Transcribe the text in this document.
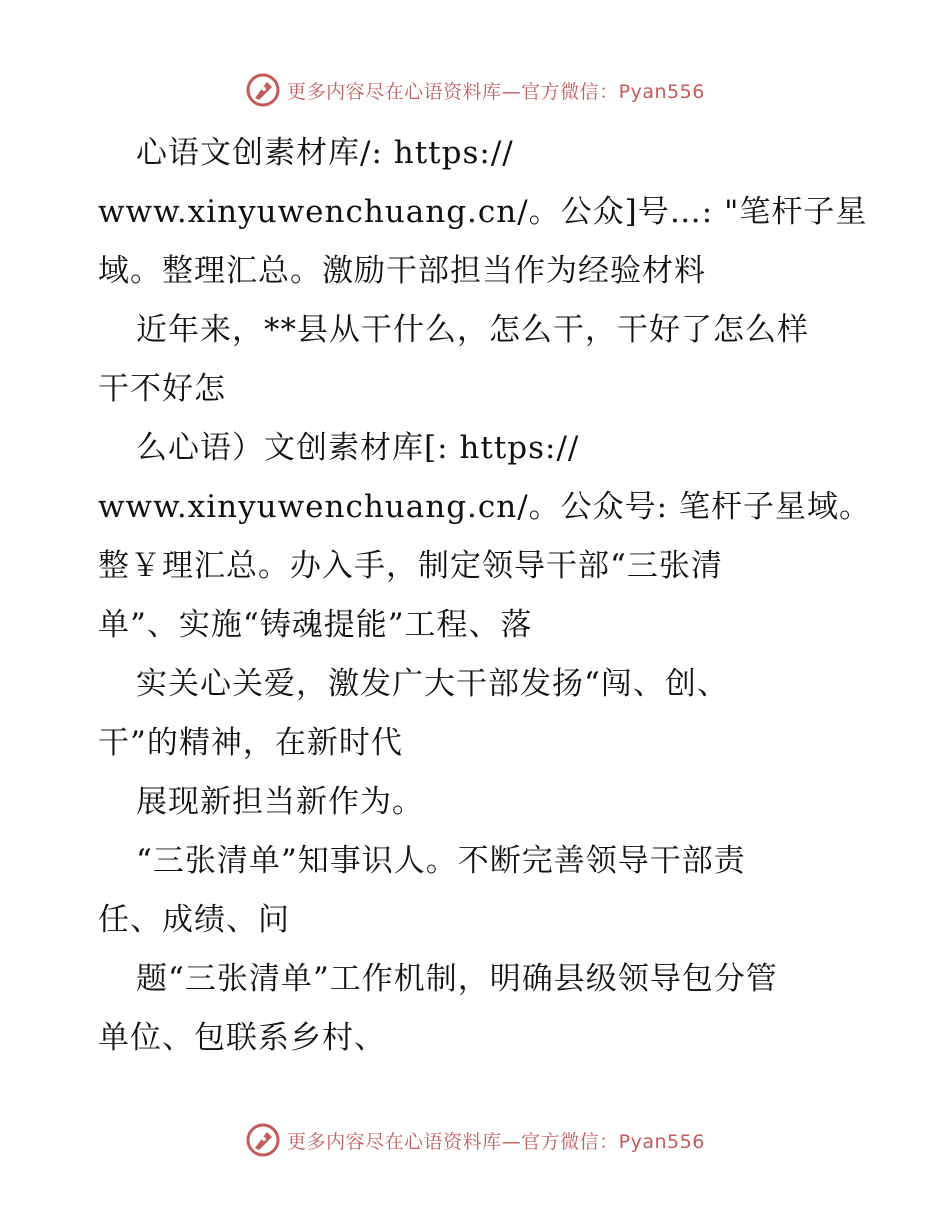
更多内容尽在心语资料库—官方微信：Pyan556
心语文创素材库/: https://
www.xinyuwenchuang.cn/。公众]号…: "笔杆子星
域。整理汇总。激励干部担当作为经验材料
近年来，**县从干什么，怎么干，干好了怎么样
干不好怎
么心语）文创素材库[: https://
www.xinyuwenchuang.cn/。公众号: 笔杆子星域。
整￥理汇总。办入手，制定领导干部“三张清
单”、实施“铸魂提能”工程、落
实关心关爱，激发广大干部发扬“闯、创、
干”的精神，在新时代
展现新担当新作为。
“三张清单”知事识人。不断完善领导干部责
任、成绩、问
题“三张清单”工作机制，明确县级领导包分管
单位、包联系乡村、
更多内容尽在心语资料库—官方微信：Pyan556
